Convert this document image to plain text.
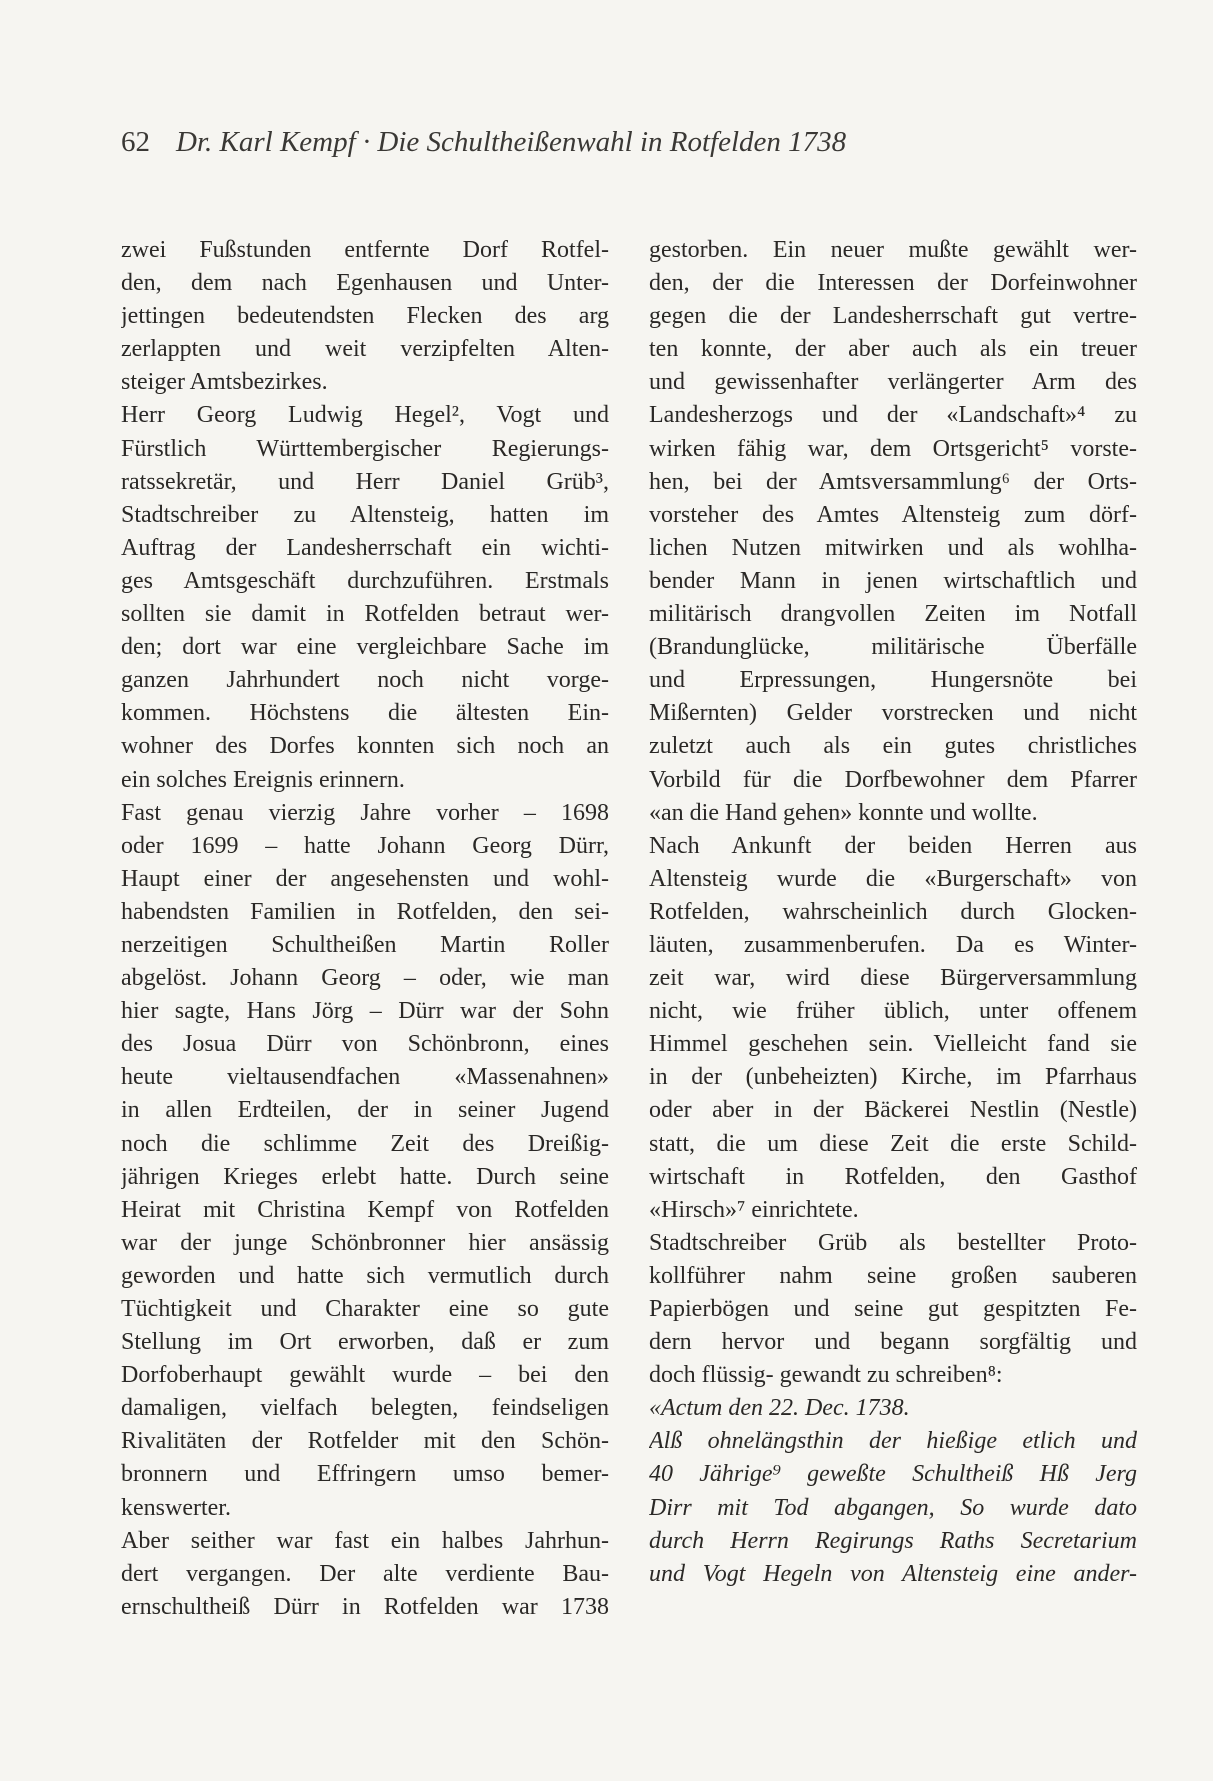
62 Dr. Karl Kempf · Die Schultheißenwahl in Rotfelden 1738
zwei Fußstunden entfernte Dorf Rotfel-
den, dem nach Egenhausen und Unter-
jettingen bedeutendsten Flecken des arg
zerlappten und weit verzipfelten Alten-
steiger Amtsbezirkes.
Herr Georg Ludwig Hegel², Vogt und
Fürstlich Württembergischer Regierungs-
ratssekretär, und Herr Daniel Grüb³,
Stadtschreiber zu Altensteig, hatten im
Auftrag der Landesherrschaft ein wichti-
ges Amtsgeschäft durchzuführen. Erstmals
sollten sie damit in Rotfelden betraut wer-
den; dort war eine vergleichbare Sache im
ganzen Jahrhundert noch nicht vorge-
kommen. Höchstens die ältesten Ein-
wohner des Dorfes konnten sich noch an
ein solches Ereignis erinnern.
Fast genau vierzig Jahre vorher – 1698
oder 1699 – hatte Johann Georg Dürr,
Haupt einer der angesehensten und wohl-
habendsten Familien in Rotfelden, den sei-
nerzeitigen Schultheißen Martin Roller
abgelöst. Johann Georg – oder, wie man
hier sagte, Hans Jörg – Dürr war der Sohn
des Josua Dürr von Schönbronn, eines
heute vieltausendfachen «Massenahnen»
in allen Erdteilen, der in seiner Jugend
noch die schlimme Zeit des Dreißig-
jährigen Krieges erlebt hatte. Durch seine
Heirat mit Christina Kempf von Rotfelden
war der junge Schönbronner hier ansässig
geworden und hatte sich vermutlich durch
Tüchtigkeit und Charakter eine so gute
Stellung im Ort erworben, daß er zum
Dorfoberhaupt gewählt wurde – bei den
damaligen, vielfach belegten, feindseligen
Rivalitäten der Rotfelder mit den Schön-
bronnern und Effringern umso bemer-
kenswerter.
Aber seither war fast ein halbes Jahrhun-
dert vergangen. Der alte verdiente Bau-
ernschultheiß Dürr in Rotfelden war 1738
gestorben. Ein neuer mußte gewählt wer-
den, der die Interessen der Dorfeinwohner
gegen die der Landesherrschaft gut vertre-
ten konnte, der aber auch als ein treuer
und gewissenhafter verlängerter Arm des
Landesherzogs und der «Landschaft»⁴ zu
wirken fähig war, dem Ortsgericht⁵ vorste-
hen, bei der Amtsversammlung⁶ der Orts-
vorsteher des Amtes Altensteig zum dörf-
lichen Nutzen mitwirken und als wohlha-
bender Mann in jenen wirtschaftlich und
militärisch drangvollen Zeiten im Notfall
(Brandunglücke, militärische Überfälle
und Erpressungen, Hungersnöte bei
Mißernten) Gelder vorstrecken und nicht
zuletzt auch als ein gutes christliches
Vorbild für die Dorfbewohner dem Pfarrer
«an die Hand gehen» konnte und wollte.
Nach Ankunft der beiden Herren aus
Altensteig wurde die «Burgerschaft» von
Rotfelden, wahrscheinlich durch Glocken-
läuten, zusammenberufen. Da es Winter-
zeit war, wird diese Bürgerversammlung
nicht, wie früher üblich, unter offenem
Himmel geschehen sein. Vielleicht fand sie
in der (unbeheizten) Kirche, im Pfarrhaus
oder aber in der Bäckerei Nestlin (Nestle)
statt, die um diese Zeit die erste Schild-
wirtschaft in Rotfelden, den Gasthof
«Hirsch»⁷ einrichtete.
Stadtschreiber Grüb als bestellter Proto-
kollführer nahm seine großen sauberen
Papierbögen und seine gut gespitzten Fe-
dern hervor und begann sorgfältig und
doch flüssig- gewandt zu schreiben⁸:
«Actum den 22. Dec. 1738.
Alß ohnelängsthin der hießige etlich und
40 Jährige⁹ geweßte Schultheiß Hß Jerg
Dirr mit Tod abgangen, So wurde dato
durch Herrn Regirungs Raths Secretarium
und Vogt Hegeln von Altensteig eine ander-
